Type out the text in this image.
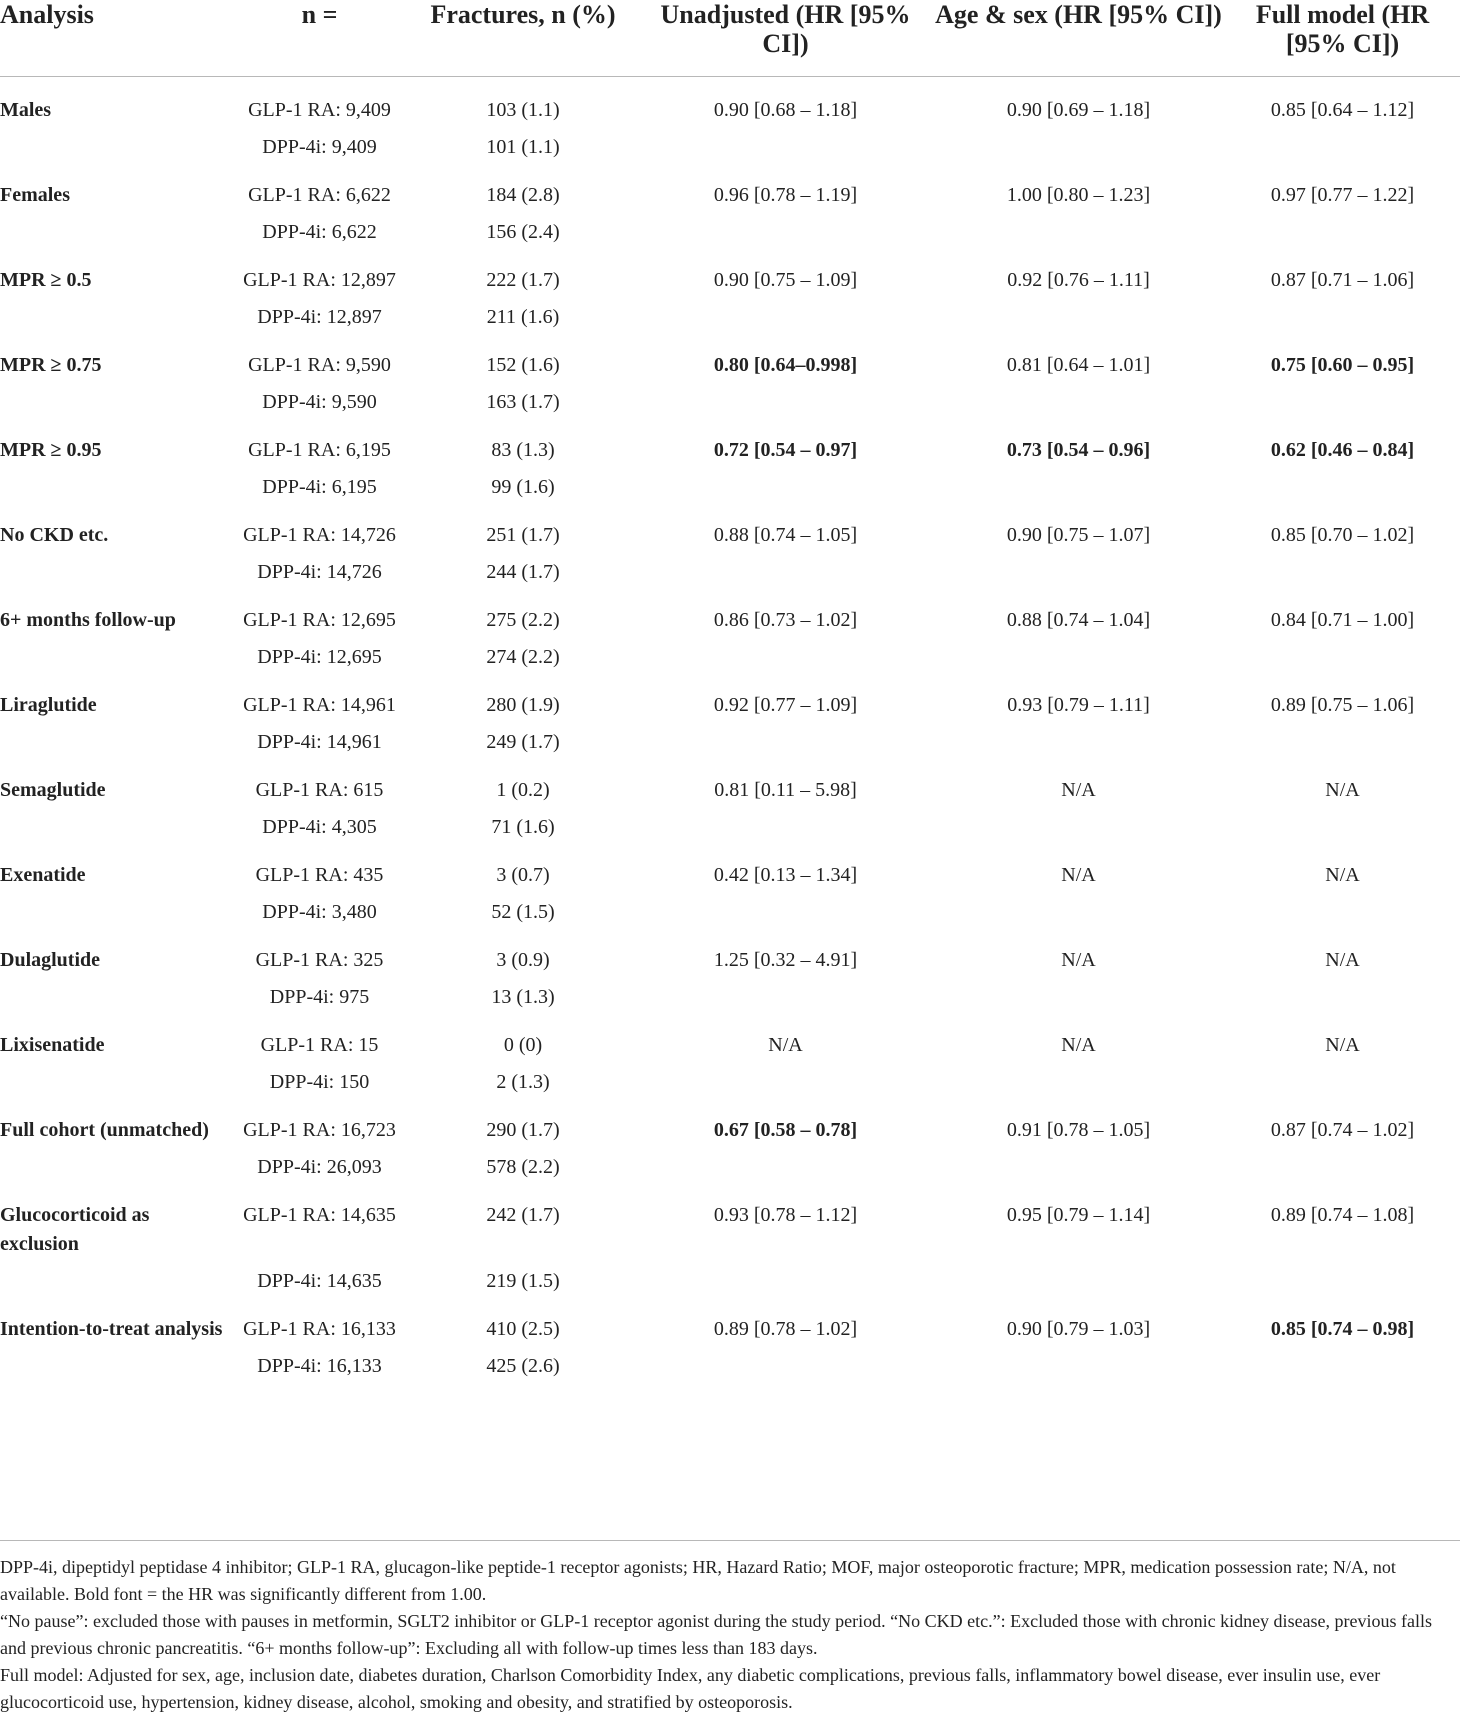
Analysis	n =	Fractures, n (%)	Unadjusted (HR [95% CI])	Age & sex (HR [95% CI])	Full model (HR [95% CI])
Males	GLP-1 RA: 9,409	103 (1.1)	0.90 [0.68 – 1.18]	0.90 [0.69 – 1.18]	0.85 [0.64 – 1.12]
	DPP-4i: 9,409	101 (1.1)			
Females	GLP-1 RA: 6,622	184 (2.8)	0.96 [0.78 – 1.19]	1.00 [0.80 – 1.23]	0.97 [0.77 – 1.22]
	DPP-4i: 6,622	156 (2.4)			
MPR ≥ 0.5	GLP-1 RA: 12,897	222 (1.7)	0.90 [0.75 – 1.09]	0.92 [0.76 – 1.11]	0.87 [0.71 – 1.06]
	DPP-4i: 12,897	211 (1.6)			
MPR ≥ 0.75	GLP-1 RA: 9,590	152 (1.6)	0.80 [0.64–0.998]	0.81 [0.64 – 1.01]	0.75 [0.60 – 0.95]
	DPP-4i: 9,590	163 (1.7)			
MPR ≥ 0.95	GLP-1 RA: 6,195	83 (1.3)	0.72 [0.54 – 0.97]	0.73 [0.54 – 0.96]	0.62 [0.46 – 0.84]
	DPP-4i: 6,195	99 (1.6)			
No CKD etc.	GLP-1 RA: 14,726	251 (1.7)	0.88 [0.74 – 1.05]	0.90 [0.75 – 1.07]	0.85 [0.70 – 1.02]
	DPP-4i: 14,726	244 (1.7)			
6+ months follow-up	GLP-1 RA: 12,695	275 (2.2)	0.86 [0.73 – 1.02]	0.88 [0.74 – 1.04]	0.84 [0.71 – 1.00]
	DPP-4i: 12,695	274 (2.2)			
Liraglutide	GLP-1 RA: 14,961	280 (1.9)	0.92 [0.77 – 1.09]	0.93 [0.79 – 1.11]	0.89 [0.75 – 1.06]
	DPP-4i: 14,961	249 (1.7)			
Semaglutide	GLP-1 RA: 615	1 (0.2)	0.81 [0.11 – 5.98]	N/A	N/A
	DPP-4i: 4,305	71 (1.6)			
Exenatide	GLP-1 RA: 435	3 (0.7)	0.42 [0.13 – 1.34]	N/A	N/A
	DPP-4i: 3,480	52 (1.5)			
Dulaglutide	GLP-1 RA: 325	3 (0.9)	1.25 [0.32 – 4.91]	N/A	N/A
	DPP-4i: 975	13 (1.3)			
Lixisenatide	GLP-1 RA: 15	0 (0)	N/A	N/A	N/A
	DPP-4i: 150	2 (1.3)			
Full cohort (unmatched)	GLP-1 RA: 16,723	290 (1.7)	0.67 [0.58 – 0.78]	0.91 [0.78 – 1.05]	0.87 [0.74 – 1.02]
	DPP-4i: 26,093	578 (2.2)			
Glucocorticoid as exclusion	GLP-1 RA: 14,635	242 (1.7)	0.93 [0.78 – 1.12]	0.95 [0.79 – 1.14]	0.89 [0.74 – 1.08]
	DPP-4i: 14,635	219 (1.5)			
Intention-to-treat analysis	GLP-1 RA: 16,133	410 (2.5)	0.89 [0.78 – 1.02]	0.90 [0.79 – 1.03]	0.85 [0.74 – 0.98]
	DPP-4i: 16,133	425 (2.6)			

DPP-4i, dipeptidyl peptidase 4 inhibitor; GLP-1 RA, glucagon-like peptide-1 receptor agonists; HR, Hazard Ratio; MOF, major osteoporotic fracture; MPR, medication possession rate; N/A, not available. Bold font = the HR was significantly different from 1.00.

“No pause”: excluded those with pauses in metformin, SGLT2 inhibitor or GLP-1 receptor agonist during the study period. “No CKD etc.”: Excluded those with chronic kidney disease, previous falls and previous chronic pancreatitis. “6+ months follow-up”: Excluding all with follow-up times less than 183 days.

Full model: Adjusted for sex, age, inclusion date, diabetes duration, Charlson Comorbidity Index, any diabetic complications, previous falls, inflammatory bowel disease, ever insulin use, ever glucocorticoid use, hypertension, kidney disease, alcohol, smoking and obesity, and stratified by osteoporosis.
